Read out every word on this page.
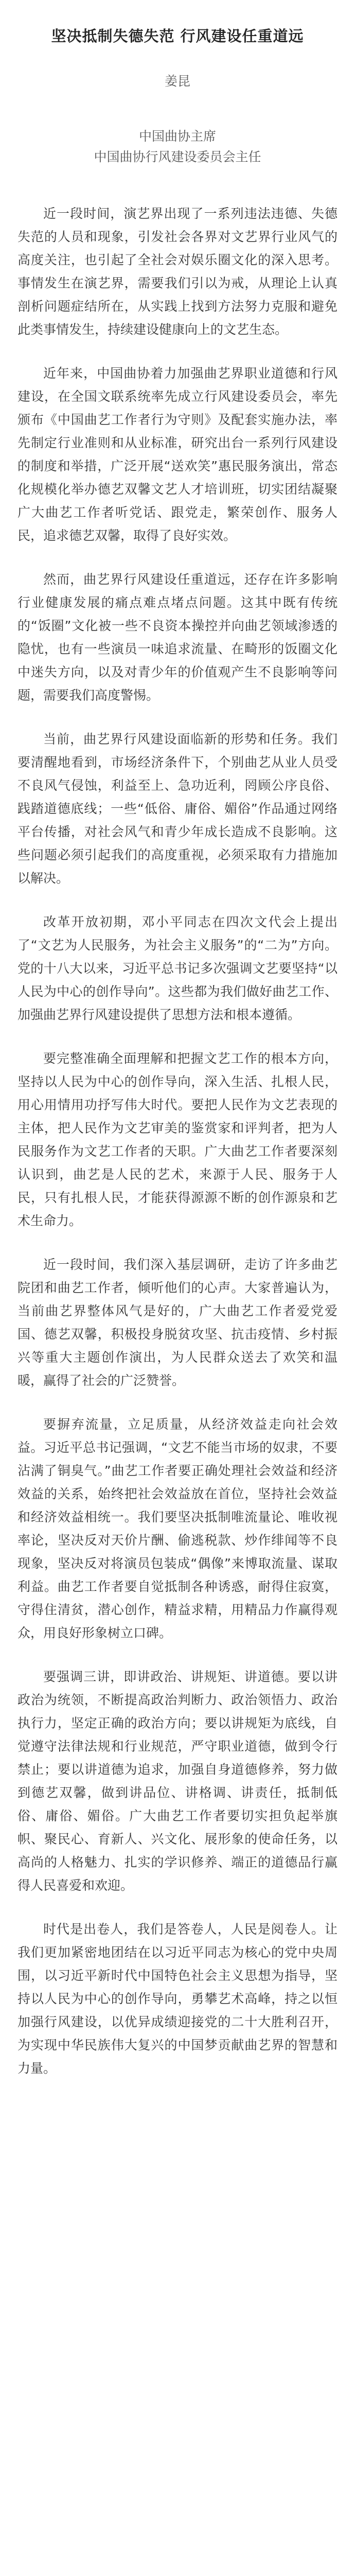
坚决抵制失德失范 行风建设任重道远
姜昆
中国曲协主席
中国曲协行风建设委员会主任

近一段时间，演艺界出现了一系列违法违德、失德失范的人员和现象，引发社会各界对文艺界行业风气的高度关注，也引起了全社会对娱乐圈文化的深入思考。事情发生在演艺界，需要我们引以为戒，从理论上认真剖析问题症结所在，从实践上找到方法努力克服和避免此类事情发生，持续建设健康向上的文艺生态。

近年来，中国曲协着力加强曲艺界职业道德和行风建设，在全国文联系统率先成立行风建设委员会，率先颁布《中国曲艺工作者行为守则》及配套实施办法，率先制定行业准则和从业标准，研究出台一系列行风建设的制度和举措，广泛开展“送欢笑”惠民服务演出，常态化规模化举办德艺双馨文艺人才培训班，切实团结凝聚广大曲艺工作者听党话、跟党走，繁荣创作、服务人民，追求德艺双馨，取得了良好实效。

然而，曲艺界行风建设任重道远，还存在许多影响行业健康发展的痛点难点堵点问题。这其中既有传统的“饭圈”文化被一些不良资本操控并向曲艺领域渗透的隐忧，也有一些演员一味追求流量、在畸形的饭圈文化中迷失方向，以及对青少年的价值观产生不良影响等问题，需要我们高度警惕。

当前，曲艺界行风建设面临新的形势和任务。我们要清醒地看到，市场经济条件下，个别曲艺从业人员受不良风气侵蚀，利益至上、急功近利，罔顾公序良俗、践踏道德底线；一些“低俗、庸俗、媚俗”作品通过网络平台传播，对社会风气和青少年成长造成不良影响。这些问题必须引起我们的高度重视，必须采取有力措施加以解决。

改革开放初期，邓小平同志在四次文代会上提出了“文艺为人民服务，为社会主义服务”的“二为”方向。党的十八大以来，习近平总书记多次强调文艺要坚持“以人民为中心的创作导向”。这些都为我们做好曲艺工作、加强曲艺界行风建设提供了思想方法和根本遵循。

要完整准确全面理解和把握文艺工作的根本方向，坚持以人民为中心的创作导向，深入生活、扎根人民，用心用情用功抒写伟大时代。要把人民作为文艺表现的主体，把人民作为文艺审美的鉴赏家和评判者，把为人民服务作为文艺工作者的天职。广大曲艺工作者要深刻认识到，曲艺是人民的艺术，来源于人民、服务于人民，只有扎根人民，才能获得源源不断的创作源泉和艺术生命力。

近一段时间，我们深入基层调研，走访了许多曲艺院团和曲艺工作者，倾听他们的心声。大家普遍认为，当前曲艺界整体风气是好的，广大曲艺工作者爱党爱国、德艺双馨，积极投身脱贫攻坚、抗击疫情、乡村振兴等重大主题创作演出，为人民群众送去了欢笑和温暖，赢得了社会的广泛赞誉。

要摒弃流量，立足质量，从经济效益走向社会效益。习近平总书记强调，“文艺不能当市场的奴隶，不要沾满了铜臭气。”曲艺工作者要正确处理社会效益和经济效益的关系，始终把社会效益放在首位，坚持社会效益和经济效益相统一。我们要坚决抵制唯流量论、唯收视率论，坚决反对天价片酬、偷逃税款、炒作绯闻等不良现象，坚决反对将演员包装成“偶像”来博取流量、谋取利益。曲艺工作者要自觉抵制各种诱惑，耐得住寂寞，守得住清贫，潜心创作，精益求精，用精品力作赢得观众，用良好形象树立口碑。

要强调三讲，即讲政治、讲规矩、讲道德。要以讲政治为统领，不断提高政治判断力、政治领悟力、政治执行力，坚定正确的政治方向；要以讲规矩为底线，自觉遵守法律法规和行业规范，严守职业道德，做到令行禁止；要以讲道德为追求，加强自身道德修养，努力做到德艺双馨，做到讲品位、讲格调、讲责任，抵制低俗、庸俗、媚俗。广大曲艺工作者要切实担负起举旗帜、聚民心、育新人、兴文化、展形象的使命任务，以高尚的人格魅力、扎实的学识修养、端正的道德品行赢得人民喜爱和欢迎。

时代是出卷人，我们是答卷人，人民是阅卷人。让我们更加紧密地团结在以习近平同志为核心的党中央周围，以习近平新时代中国特色社会主义思想为指导，坚持以人民为中心的创作导向，勇攀艺术高峰，持之以恒加强行风建设，以优异成绩迎接党的二十大胜利召开，为实现中华民族伟大复兴的中国梦贡献曲艺界的智慧和力量。
